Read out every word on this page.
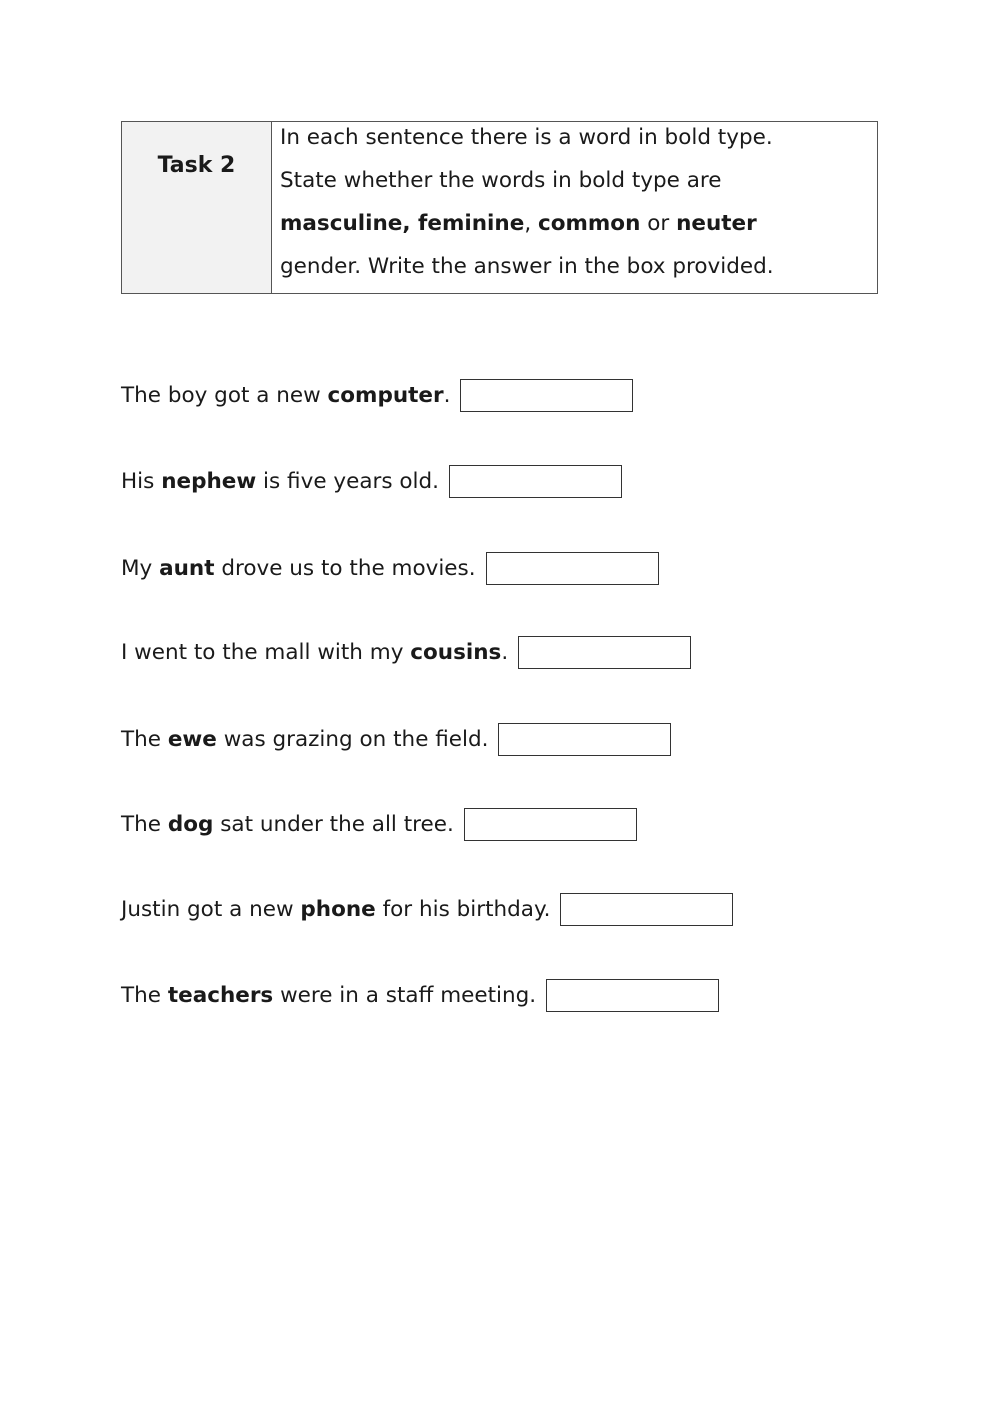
Task 2
In each sentence there is a word in bold type.
State whether the words in bold type are
masculine, feminine, common or neuter
gender. Write the answer in the box provided.
The boy got a new computer.
His nephew is five years old.
My aunt drove us to the movies.
I went to the mall with my cousins.
The ewe was grazing on the field.
The dog sat under the all tree.
Justin got a new phone for his birthday.
The teachers were in a staff meeting.
